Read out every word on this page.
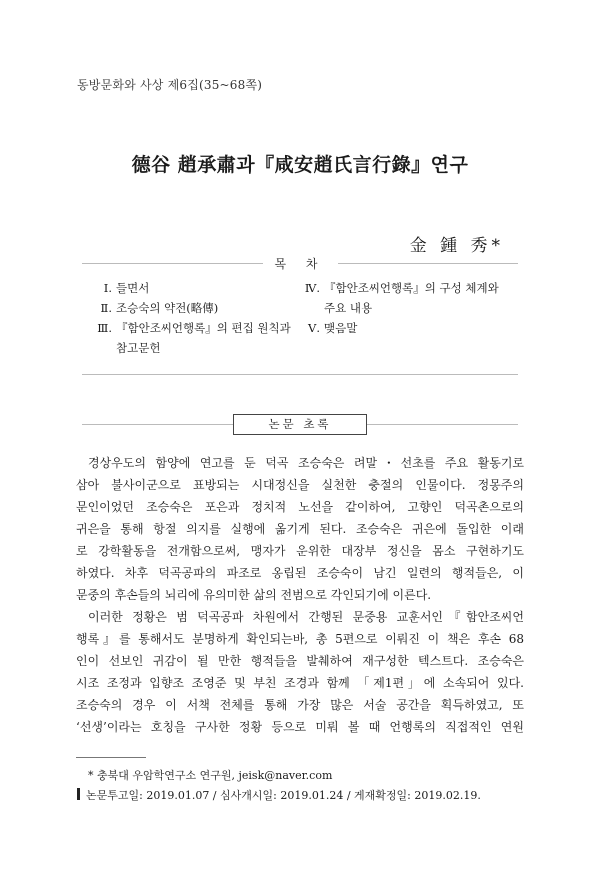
동방문화와 사상 제6집(35~68쪽)
德谷 趙承肅과『咸安趙氏言行錄』연구
金 鍾 秀*
목 차
Ⅰ. 들면서
Ⅱ. 조승숙의 약전(略傳)
Ⅲ. 『함안조씨언행록』의 편집 원칙과
참고문헌
Ⅳ. 『함안조씨언행록』의 구성 체계와
주요 내용
Ⅴ. 맺음말
논문 초록

경상우도의 함양에 연고를 둔 덕곡 조승숙은 려말・선초를 주요 활동기로

삼아 불사이군으로 표방되는 시대정신을 실천한 충절의 인물이다. 정몽주의

문인이었던 조승숙은 포은과 정치적 노선을 같이하여, 고향인 덕곡촌으로의

귀은을 통해 항절 의지를 실행에 옮기게 된다. 조승숙은 귀은에 돌입한 이래

로 강학활동을 전개함으로써, 맹자가 운위한 대장부 정신을 몸소 구현하기도

하였다. 차후 덕곡공파의 파조로 옹립된 조승숙이 남긴 일련의 행적들은, 이

문중의 후손들의 뇌리에 유의미한 삶의 전범으로 각인되기에 이른다.

이러한 정황은 범 덕곡공파 차원에서 간행된 문중용 교훈서인『함안조씨언

행록』를 통해서도 분명하게 확인되는바, 총 5편으로 이뤄진 이 책은 후손 68

인이 선보인 귀감이 될 만한 행적들을 발췌하여 재구성한 텍스트다. 조승숙은

시조 조정과 입향조 조영준 및 부친 조경과 함께 「제1편」에 소속되어 있다.

조승숙의 경우 이 서책 전체를 통해 가장 많은 서술 공간을 획득하였고, 또

‘선생’이라는 호칭을 구사한 정황 등으로 미뤄 볼 때 언행록의 직접적인 연원

* 충북대 우암학연구소 연구원, jeisk@naver.com
논문투고일: 2019.01.07 / 심사개시일: 2019.01.24 / 게재확정일: 2019.02.19.
